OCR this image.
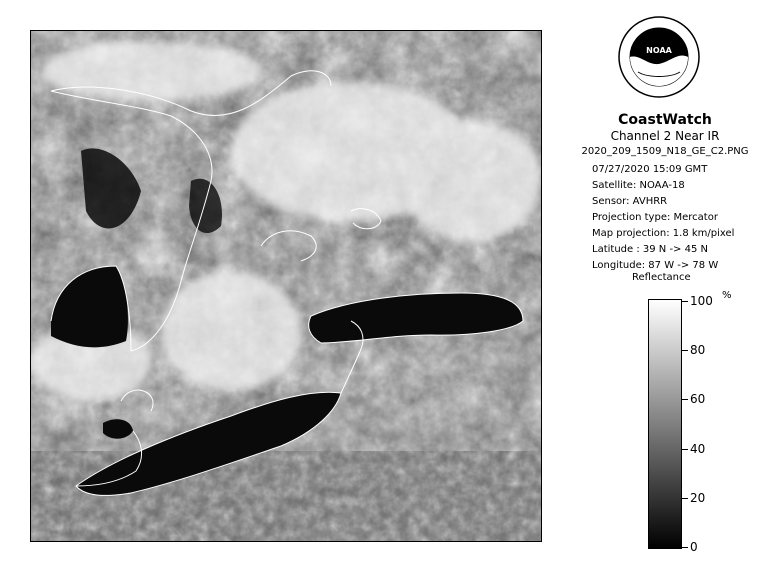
NOAA
CoastWatch
Channel 2 Near IR
2020_209_1509_N18_GE_C2.PNG
07/27/2020 15:09 GMT
Satellite: NOAA-18
Sensor: AVHRR
Projection type: Mercator
Map projection: 1.8 km/pixel
Latitude : 39 N -> 45 N
Longitude: 87 W -> 78 W
Reflectance
%
100
80
60
40
20
0
